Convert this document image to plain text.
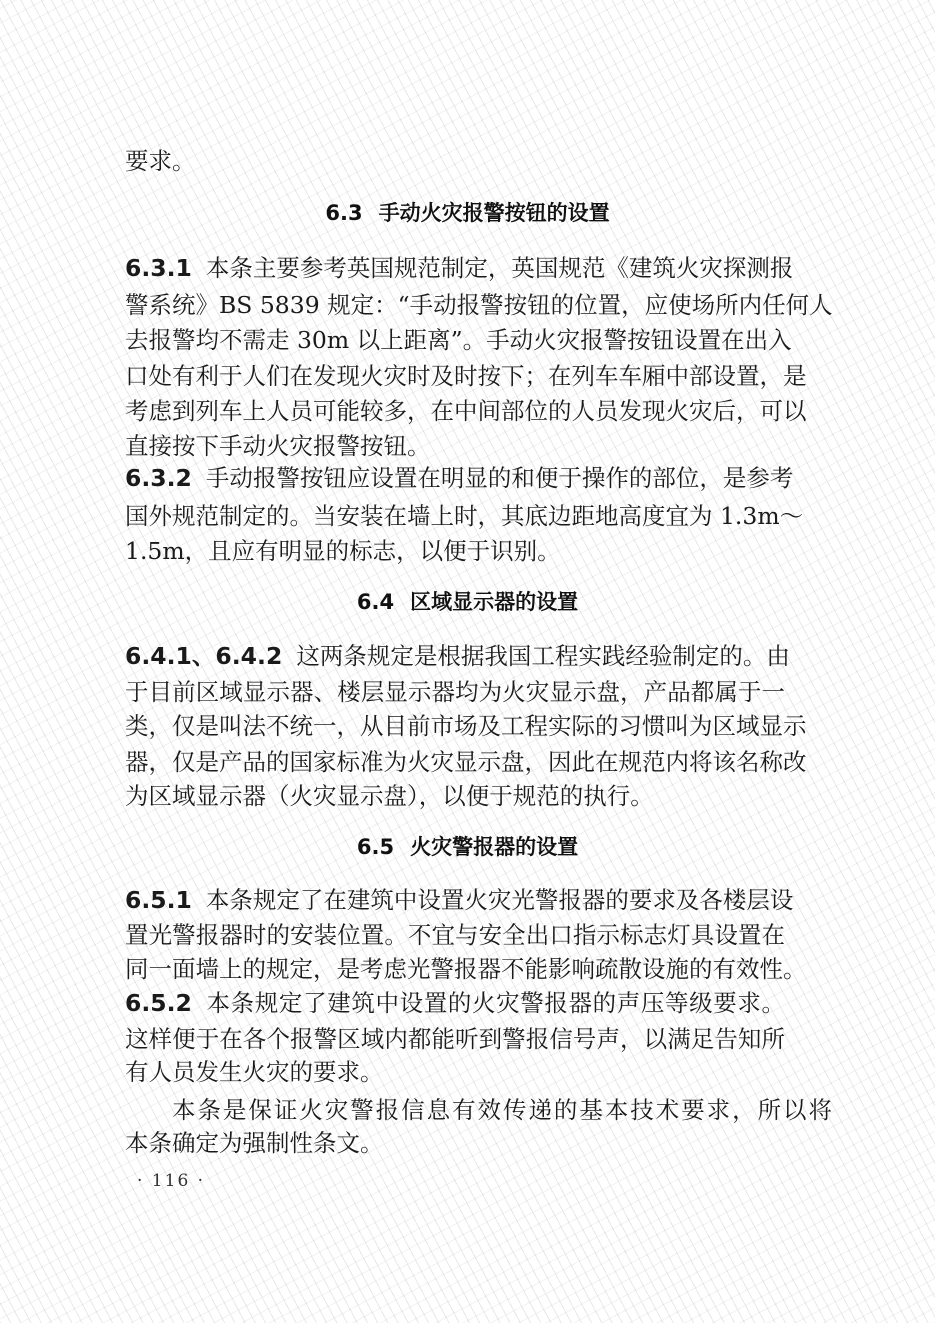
要求。
6.3 手动火灾报警按钮的设置
6.3.1 本条主要参考英国规范制定，英国规范《建筑火灾探测报
警系统》BS 5839 规定：“手动报警按钮的位置，应使场所内任何人
去报警均不需走 30m 以上距离”。手动火灾报警按钮设置在出入
口处有利于人们在发现火灾时及时按下；在列车车厢中部设置，是
考虑到列车上人员可能较多，在中间部位的人员发现火灾后，可以
直接按下手动火灾报警按钮。
6.3.2 手动报警按钮应设置在明显的和便于操作的部位，是参考
国外规范制定的。当安装在墙上时，其底边距地高度宜为 1.3m～
1.5m，且应有明显的标志，以便于识别。
6.4 区域显示器的设置
6.4.1、6.4.2 这两条规定是根据我国工程实践经验制定的。由
于目前区域显示器、楼层显示器均为火灾显示盘，产品都属于一
类，仅是叫法不统一，从目前市场及工程实际的习惯叫为区域显示
器，仅是产品的国家标准为火灾显示盘，因此在规范内将该名称改
为区域显示器（火灾显示盘），以便于规范的执行。
6.5 火灾警报器的设置
6.5.1 本条规定了在建筑中设置火灾光警报器的要求及各楼层设
置光警报器时的安装位置。不宜与安全出口指示标志灯具设置在
同一面墙上的规定，是考虑光警报器不能影响疏散设施的有效性。
6.5.2 本条规定了建筑中设置的火灾警报器的声压等级要求。
这样便于在各个报警区域内都能听到警报信号声，以满足告知所
有人员发生火灾的要求。
本条是保证火灾警报信息有效传递的基本技术要求，所以将
本条确定为强制性条文。
· 116 ·
